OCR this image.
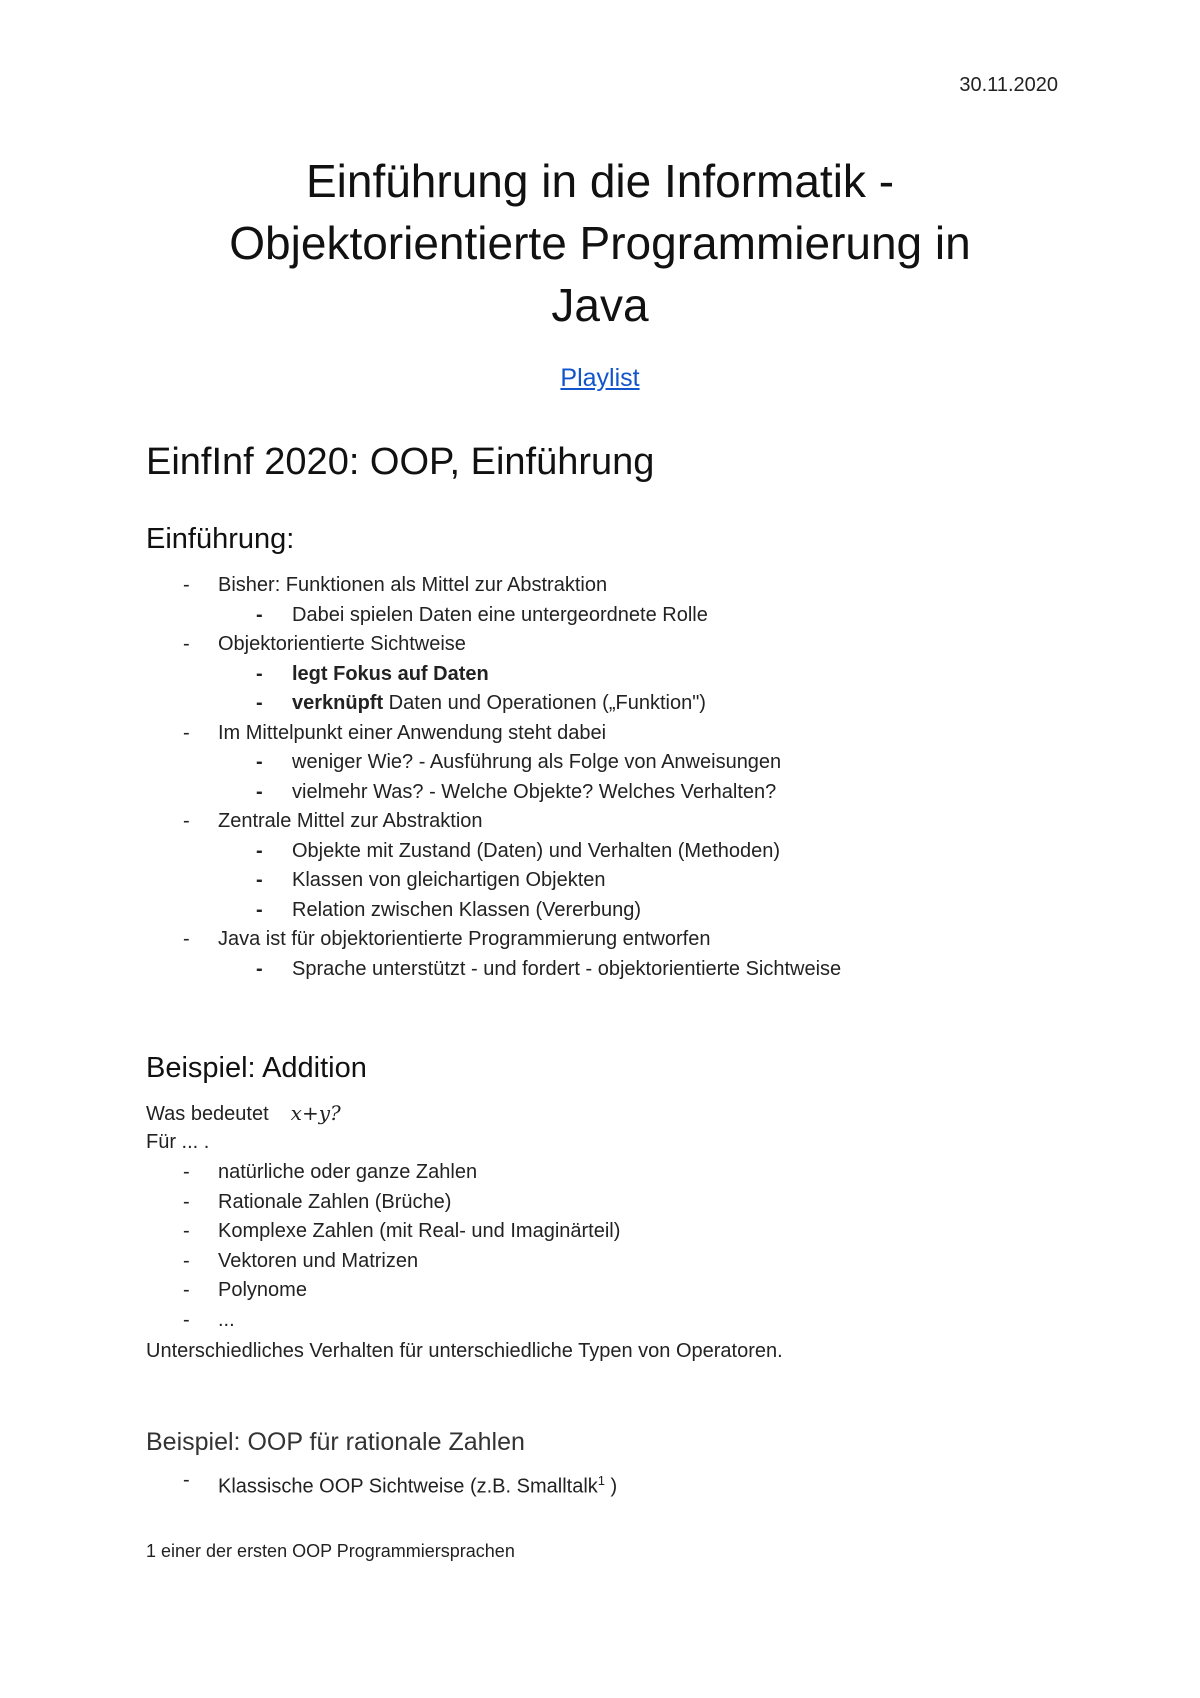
30.11.2020
Einführung in die Informatik -
Objektorientierte Programmierung in
Java
Playlist
EinfInf 2020: OOP, Einführung
Einführung:
- Bisher: Funktionen als Mittel zur Abstraktion
- Dabei spielen Daten eine untergeordnete Rolle
- Objektorientierte Sichtweise
- legt Fokus auf Daten
- verknüpft Daten und Operationen („Funktion")
- Im Mittelpunkt einer Anwendung steht dabei
- weniger Wie? - Ausführung als Folge von Anweisungen
- vielmehr Was? - Welche Objekte? Welches Verhalten?
- Zentrale Mittel zur Abstraktion
- Objekte mit Zustand (Daten) und Verhalten (Methoden)
- Klassen von gleichartigen Objekten
- Relation zwischen Klassen (Vererbung)
- Java ist für objektorientierte Programmierung entworfen
- Sprache unterstützt - und fordert - objektorientierte Sichtweise
Beispiel: Addition
Was bedeutet x+y?
Für ... .
- natürliche oder ganze Zahlen
- Rationale Zahlen (Brüche)
- Komplexe Zahlen (mit Real- und Imaginärteil)
- Vektoren und Matrizen
- Polynome
- ...
Unterschiedliches Verhalten für unterschiedliche Typen von Operatoren.
Beispiel: OOP für rationale Zahlen
- Klassische OOP Sichtweise (z.B. Smalltalk$^1$ )
1 einer der ersten OOP Programmiersprachen
